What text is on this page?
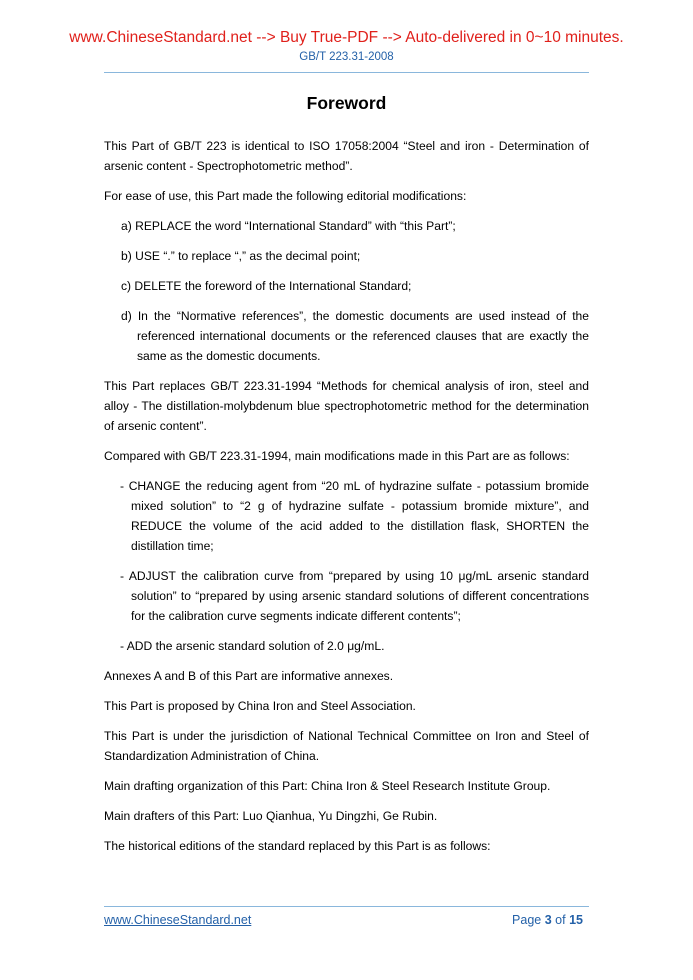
www.ChineseStandard.net --> Buy True-PDF --> Auto-delivered in 0~10 minutes.
GB/T 223.31-2008
Foreword

This Part of GB/T 223 is identical to ISO 17058:2004 “Steel and iron - Determination of arsenic content - Spectrophotometric method”.

For ease of use, this Part made the following editorial modifications:

a) REPLACE the word “International Standard” with “this Part”;

b) USE “.” to replace “,” as the decimal point;

c) DELETE the foreword of the International Standard;

d) In the “Normative references”, the domestic documents are used instead of the referenced international documents or the referenced clauses that are exactly the same as the domestic documents.

This Part replaces GB/T 223.31-1994 “Methods for chemical analysis of iron, steel and alloy - The distillation-molybdenum blue spectrophotometric method for the determination of arsenic content”.

Compared with GB/T 223.31-1994, main modifications made in this Part are as follows:

- CHANGE the reducing agent from “20 mL of hydrazine sulfate - potassium bromide mixed solution” to “2 g of hydrazine sulfate - potassium bromide mixture”, and REDUCE the volume of the acid added to the distillation flask, SHORTEN the distillation time;

- ADJUST the calibration curve from “prepared by using 10 μg/mL arsenic standard solution” to “prepared by using arsenic standard solutions of different concentrations for the calibration curve segments indicate different contents”;

- ADD the arsenic standard solution of 2.0 μg/mL.

Annexes A and B of this Part are informative annexes.

This Part is proposed by China Iron and Steel Association.

This Part is under the jurisdiction of National Technical Committee on Iron and Steel of Standardization Administration of China.

Main drafting organization of this Part: China Iron & Steel Research Institute Group.

Main drafters of this Part: Luo Qianhua, Yu Dingzhi, Ge Rubin.

The historical editions of the standard replaced by this Part is as follows:

www.ChineseStandard.net	Page 3 of 15
